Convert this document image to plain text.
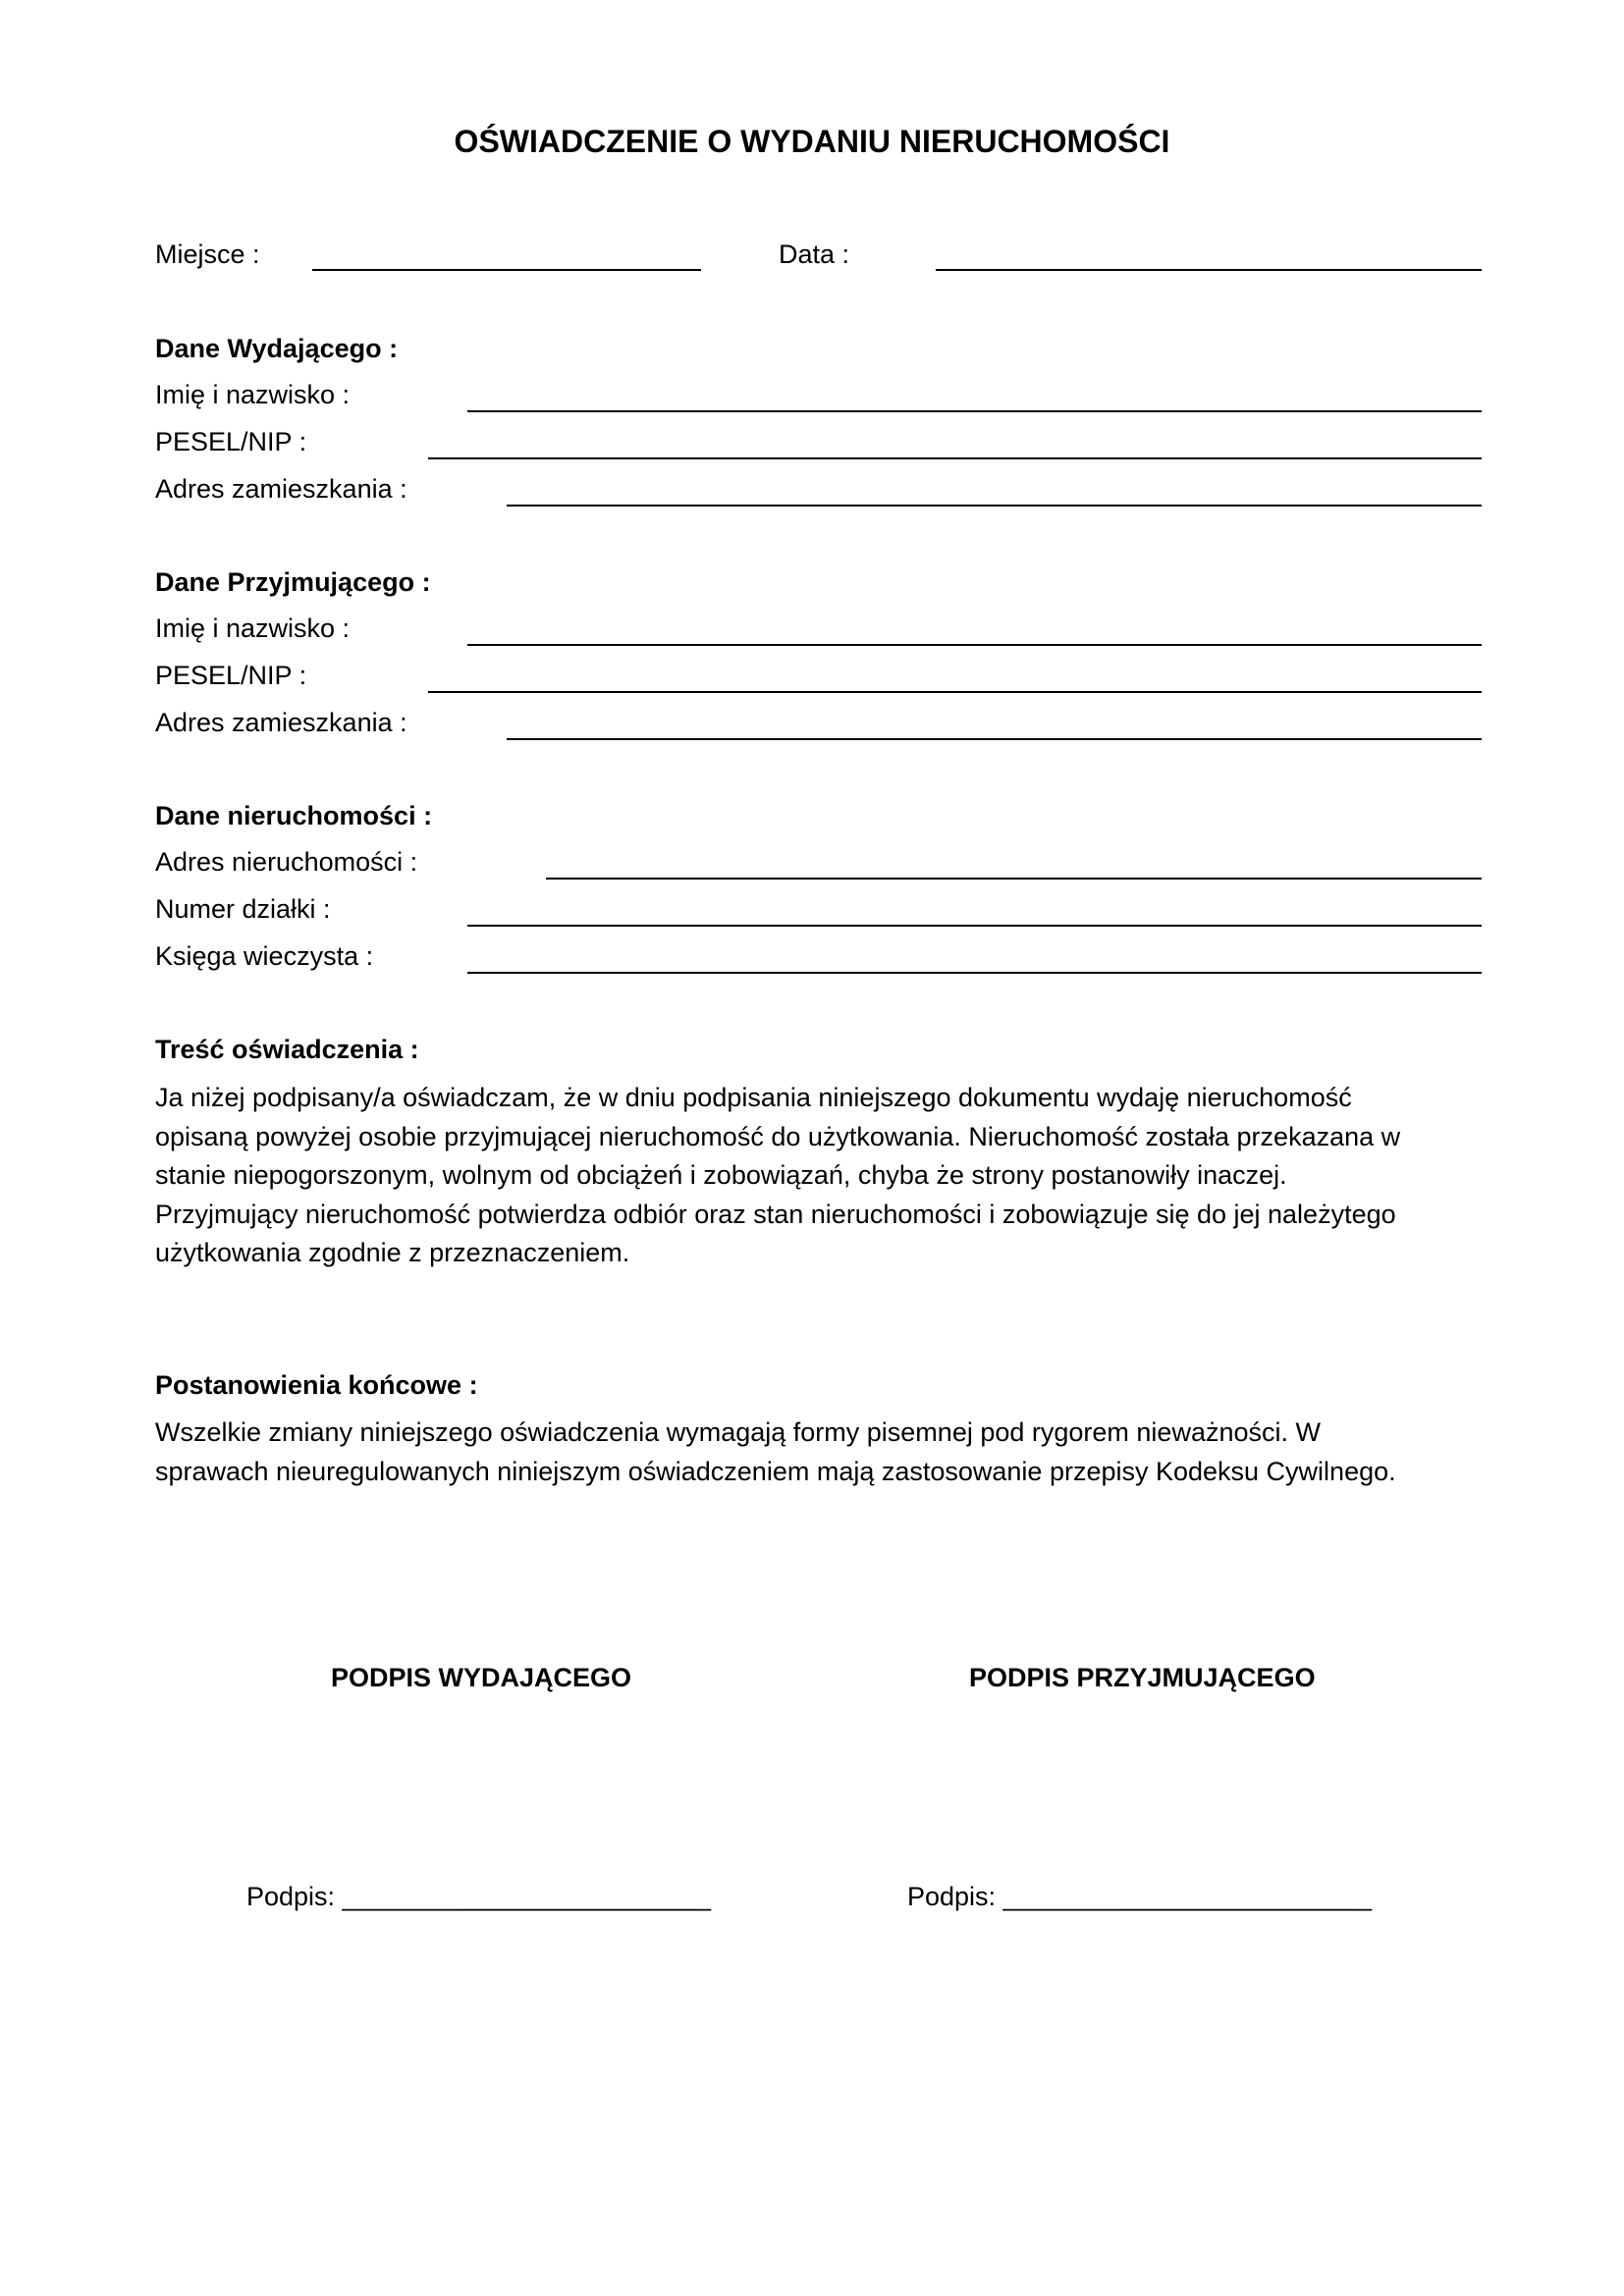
OŚWIADCZENIE O WYDANIU NIERUCHOMOŚCI
Miejsce :	Data :
Dane Wydającego :
Imię i nazwisko :
PESEL/NIP :
Adres zamieszkania :
Dane Przyjmującego :
Imię i nazwisko :
PESEL/NIP :
Adres zamieszkania :
Dane nieruchomości :
Adres nieruchomości :
Numer działki :
Księga wieczysta :
Treść oświadczenia :
Ja niżej podpisany/a oświadczam, że w dniu podpisania niniejszego dokumentu wydaję nieruchomość
opisaną powyżej osobie przyjmującej nieruchomość do użytkowania. Nieruchomość została przekazana w
stanie niepogorszonym, wolnym od obciążeń i zobowiązań, chyba że strony postanowiły inaczej.
Przyjmujący nieruchomość potwierdza odbiór oraz stan nieruchomości i zobowiązuje się do jej należytego
użytkowania zgodnie z przeznaczeniem.
Postanowienia końcowe :
Wszelkie zmiany niniejszego oświadczenia wymagają formy pisemnej pod rygorem nieważności. W
sprawach nieuregulowanych niniejszym oświadczeniem mają zastosowanie przepisy Kodeksu Cywilnego.
PODPIS WYDAJĄCEGO	PODPIS PRZYJMUJĄCEGO
Podpis: _________________________	Podpis: _________________________
